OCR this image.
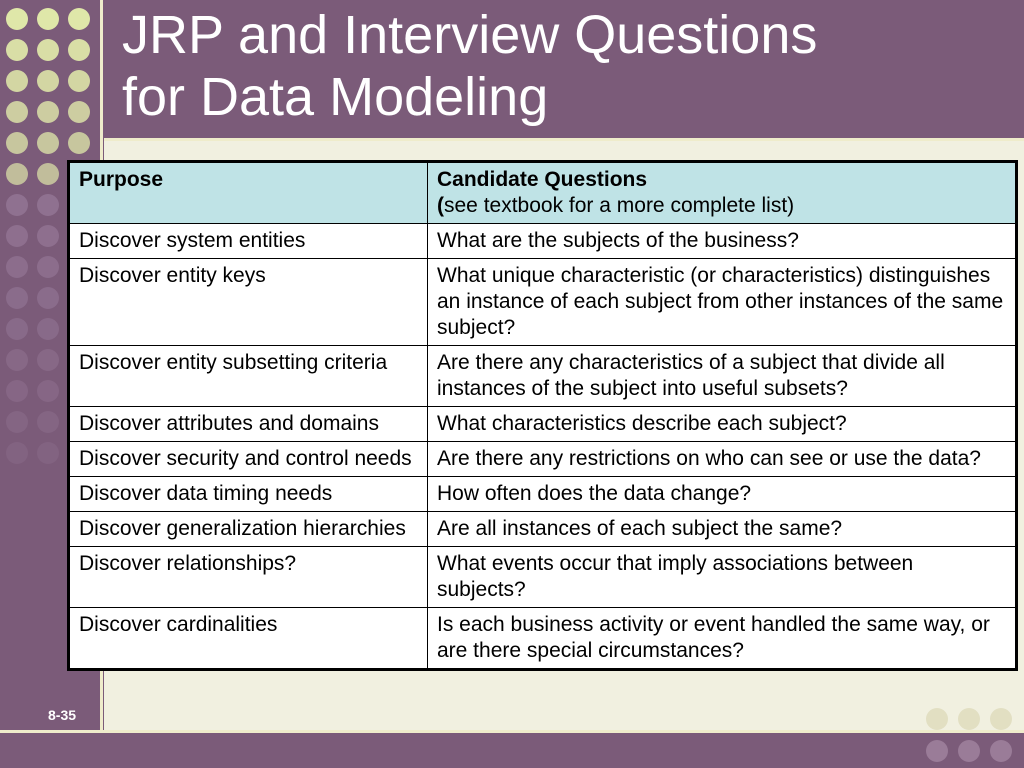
JRP and Interview Questions
for Data Modeling
Purpose	Candidate Questions
(see textbook for a more complete list)
Discover system entities	What are the subjects of the business?
Discover entity keys	What unique characteristic (or characteristics) distinguishes an instance of each subject from other instances of the same subject?
Discover entity subsetting criteria	Are there any characteristics of a subject that divide all instances of the subject into useful subsets?
Discover attributes and domains	What characteristics describe each subject?
Discover security and control needs	Are there any restrictions on who can see or use the data?
Discover data timing needs	How often does the data change?
Discover generalization hierarchies	Are all instances of each subject the same?
Discover relationships?	What events occur that imply associations between subjects?
Discover cardinalities	Is each business activity or event handled the same way, or are there special circumstances?
8-35
